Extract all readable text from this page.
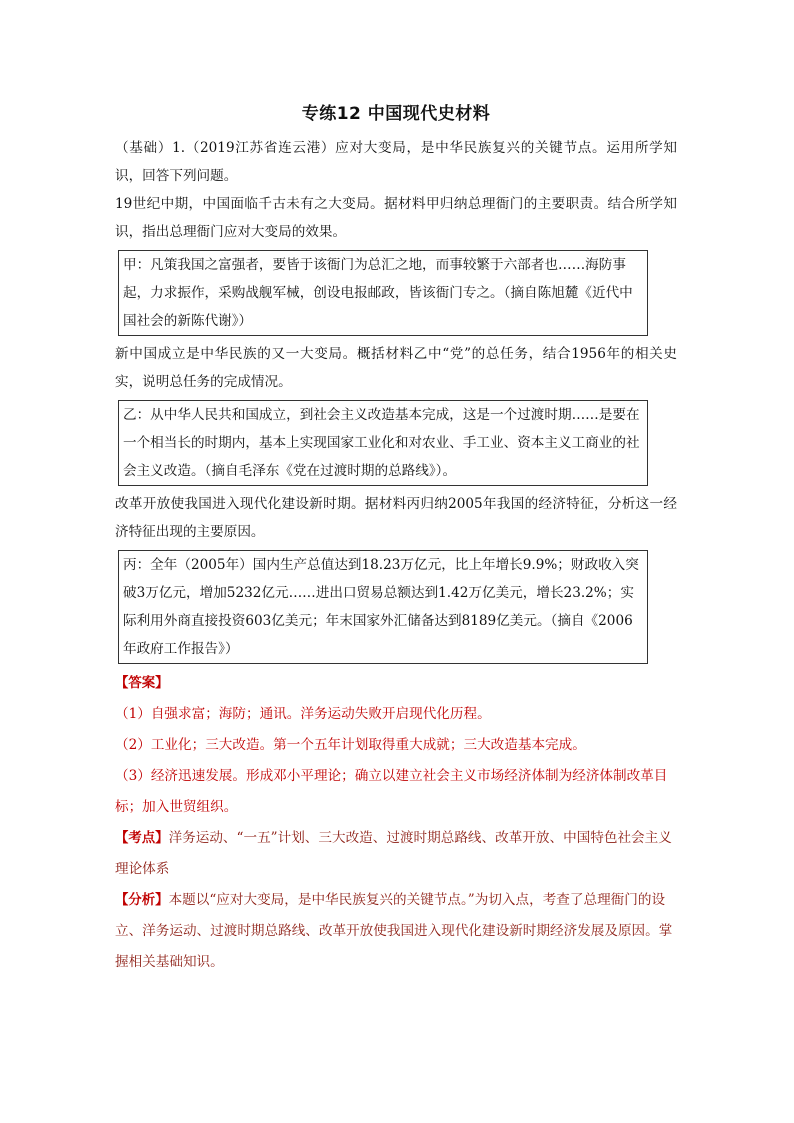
专练12 中国现代史材料

（基础）1.（2019江苏省连云港）应对大变局，是中华民族复兴的关键节点。运用所学知识，回答下列问题。

19世纪中期，中国面临千古未有之大变局。据材料甲归纳总理衙门的主要职责。结合所学知识，指出总理衙门应对大变局的效果。

甲：凡策我国之富强者，要皆于该衙门为总汇之地，而事较繁于六部者也……海防事起，力求振作，采购战舰军械，创设电报邮政，皆该衙门专之。（摘自陈旭麓《近代中国社会的新陈代谢》）

新中国成立是中华民族的又一大变局。概括材料乙中“党”的总任务，结合1956年的相关史实，说明总任务的完成情况。

乙：从中华人民共和国成立，到社会主义改造基本完成，这是一个过渡时期……是要在一个相当长的时期内，基本上实现国家工业化和对农业、手工业、资本主义工商业的社会主义改造。（摘自毛泽东《党在过渡时期的总路线》）。

改革开放使我国进入现代化建设新时期。据材料丙归纳2005年我国的经济特征，分析这一经济特征出现的主要原因。

丙：全年（2005年）国内生产总值达到18.23万亿元，比上年增长9.9%；财政收入突破3万亿元，增加5232亿元……进出口贸易总额达到1.42万亿美元，增长23.2%；实际利用外商直接投资603亿美元；年末国家外汇储备达到8189亿美元。（摘自《2006年政府工作报告》）

【答案】

（1）自强求富；海防；通讯。洋务运动失败开启现代化历程。

（2）工业化；三大改造。第一个五年计划取得重大成就；三大改造基本完成。

（3）经济迅速发展。形成邓小平理论；确立以建立社会主义市场经济体制为经济体制改革目标；加入世贸组织。

【考点】洋务运动、“一五”计划、三大改造、过渡时期总路线、改革开放、中国特色社会主义理论体系

【分析】本题以“应对大变局，是中华民族复兴的关键节点。”为切入点，考查了总理衙门的设立、洋务运动、过渡时期总路线、改革开放使我国进入现代化建设新时期经济发展及原因。掌握相关基础知识。
